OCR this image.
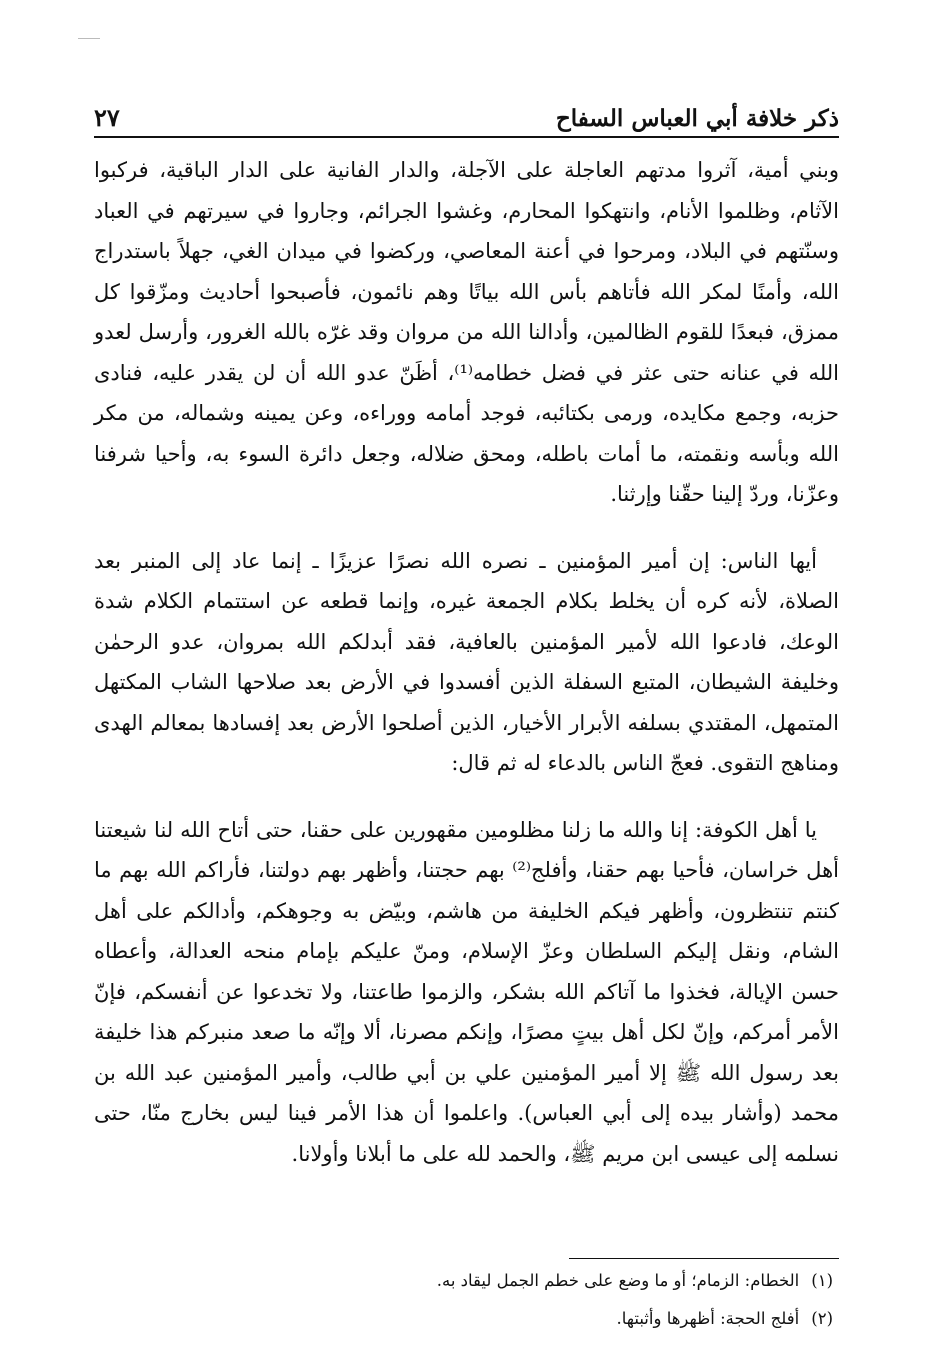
ذكر خلافة أبي العباس السفاح
٢٧

وبني أمية، آثروا مدتهم العاجلة على الآجلة، والدار الفانية على الدار الباقية، فركبوا الآثام، وظلموا الأنام، وانتهكوا المحارم، وغشوا الجرائم، وجاروا في سيرتهم في العباد وسنّتهم في البلاد، ومرحوا في أعنة المعاصي، وركضوا في ميدان الغي، جهلاً باستدراج الله، وأمنًا لمكر الله فأتاهم بأس الله بياتًا وهم نائمون، فأصبحوا أحاديث ومزّقوا كل ممزق، فبعدًا للقوم الظالمين، وأدالنا الله من مروان وقد غرّه بالله الغرور، وأرسل لعدو الله في عنانه حتى عثر في فضل خطامه⁽¹⁾، أظَنّ عدو الله أن لن يقدر عليه، فنادى حزبه، وجمع مكايده، ورمى بكتائبه، فوجد أمامه ووراءه، وعن يمينه وشماله، من مكر الله وبأسه ونقمته، ما أمات باطله، ومحق ضلاله، وجعل دائرة السوء به، وأحيا شرفنا وعزّنا، وردّ إلينا حقّنا وإرثنا.

أيها الناس: إن أمير المؤمنين ـ نصره الله نصرًا عزيزًا ـ إنما عاد إلى المنبر بعد الصلاة، لأنه كره أن يخلط بكلام الجمعة غيره، وإنما قطعه عن استتمام الكلام شدة الوعك، فادعوا الله لأمير المؤمنين بالعافية، فقد أبدلكم الله بمروان، عدو الرحمٰن وخليفة الشيطان، المتبع السفلة الذين أفسدوا في الأرض بعد صلاحها الشاب المكتهل المتمهل، المقتدي بسلفه الأبرار الأخيار، الذين أصلحوا الأرض بعد إفسادها بمعالم الهدى ومناهج التقوى. فعجّ الناس بالدعاء له ثم قال:

يا أهل الكوفة: إنا والله ما زلنا مظلومين مقهورين على حقنا، حتى أتاح الله لنا شيعتنا أهل خراسان، فأحيا بهم حقنا، وأفلج⁽²⁾ بهم حجتنا، وأظهر بهم دولتنا، فأراكم الله بهم ما كنتم تنتظرون، وأظهر فيكم الخليفة من هاشم، وبيّض به وجوهكم، وأدالكم على أهل الشام، ونقل إليكم السلطان وعزّ الإسلام، ومنّ عليكم بإمام منحه العدالة، وأعطاه حسن الإيالة، فخذوا ما آتاكم الله بشكر، والزموا طاعتنا، ولا تخدعوا عن أنفسكم، فإنّ الأمر أمركم، وإنّ لكل أهل بيتٍ مصرًا، وإنكم مصرنا، ألا وإنّه ما صعد منبركم هذا خليفة بعد رسول الله ﷺ إلا أمير المؤمنين علي بن أبي طالب، وأمير المؤمنين عبد الله بن محمد (وأشار بيده إلى أبي العباس). واعلموا أن هذا الأمر فينا ليس بخارج منّا، حتى نسلمه إلى عيسى ابن مريم ﷺ، والحمد لله على ما أبلانا وأولانا.

(١)
الخطام: الزمام؛ أو ما وضع على خطم الجمل ليقاد به.
(٢)
أفلج الحجة: أظهرها وأثبتها.
